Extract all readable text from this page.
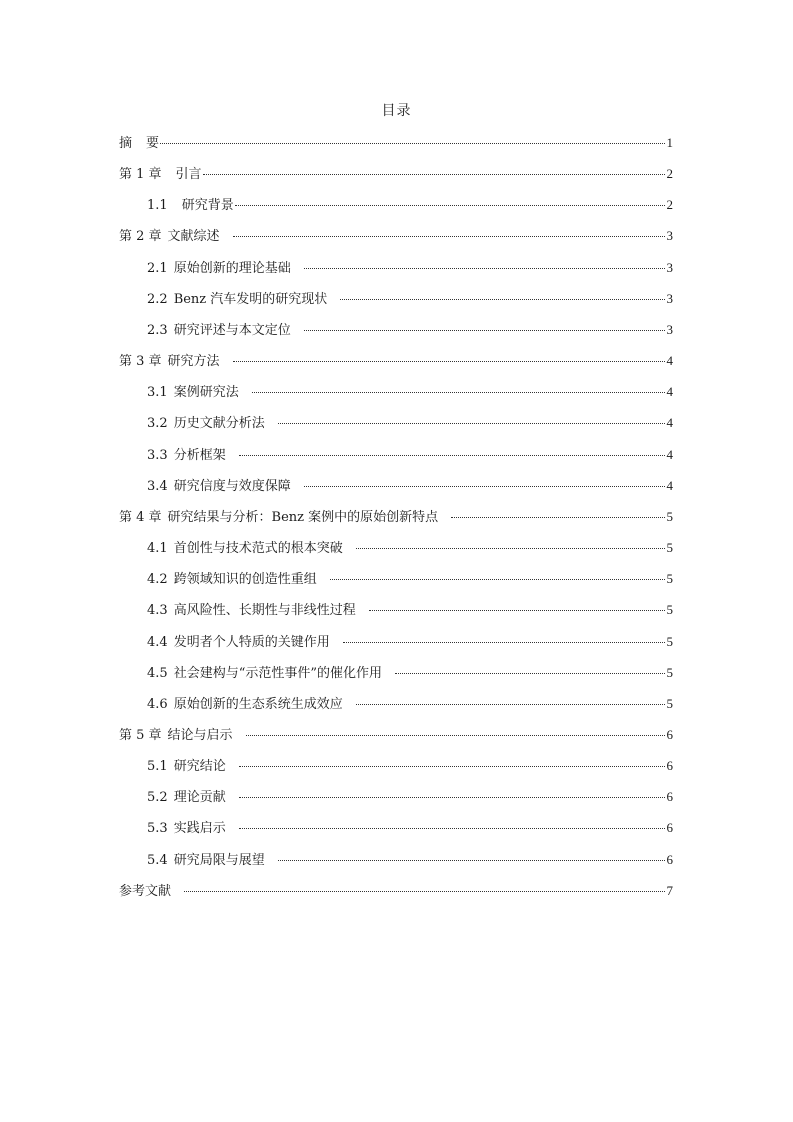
目录
摘 要	1
第 1 章 引言	2
1.1 研究背景	2
第 2 章 文献综述	3
2.1 原始创新的理论基础	3
2.2 Benz 汽车发明的研究现状	3
2.3 研究评述与本文定位	3
第 3 章 研究方法	4
3.1 案例研究法	4
3.2 历史文献分析法	4
3.3 分析框架	4
3.4 研究信度与效度保障	4
第 4 章 研究结果与分析：Benz 案例中的原始创新特点	5
4.1 首创性与技术范式的根本突破	5
4.2 跨领域知识的创造性重组	5
4.3 高风险性、长期性与非线性过程	5
4.4 发明者个人特质的关键作用	5
4.5 社会建构与“示范性事件”的催化作用	5
4.6 原始创新的生态系统生成效应	5
第 5 章 结论与启示	6
5.1 研究结论	6
5.2 理论贡献	6
5.3 实践启示	6
5.4 研究局限与展望	6
参考文献	7
